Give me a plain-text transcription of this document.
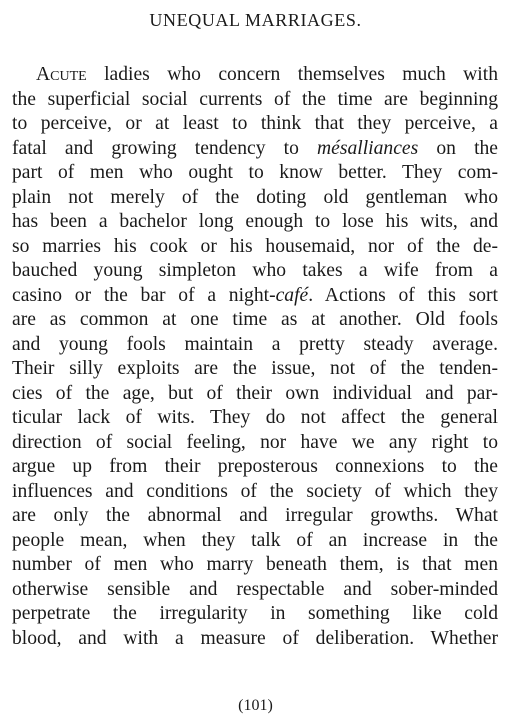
UNEQUAL MARRIAGES.
Acute ladies who concern themselves much with
the superficial social currents of the time are beginning
to perceive, or at least to think that they perceive, a
fatal and growing tendency to mésalliances on the
part of men who ought to know better. They com-
plain not merely of the doting old gentleman who
has been a bachelor long enough to lose his wits, and
so marries his cook or his housemaid, nor of the de-
bauched young simpleton who takes a wife from a
casino or the bar of a night-café. Actions of this sort
are as common at one time as at another. Old fools
and young fools maintain a pretty steady average.
Their silly exploits are the issue, not of the tenden-
cies of the age, but of their own individual and par-
ticular lack of wits. They do not affect the general
direction of social feeling, nor have we any right to
argue up from their preposterous connexions to the
influences and conditions of the society of which they
are only the abnormal and irregular growths. What
people mean, when they talk of an increase in the
number of men who marry beneath them, is that men
otherwise sensible and respectable and sober-minded
perpetrate the irregularity in something like cold
blood, and with a measure of deliberation. Whether
(101)
